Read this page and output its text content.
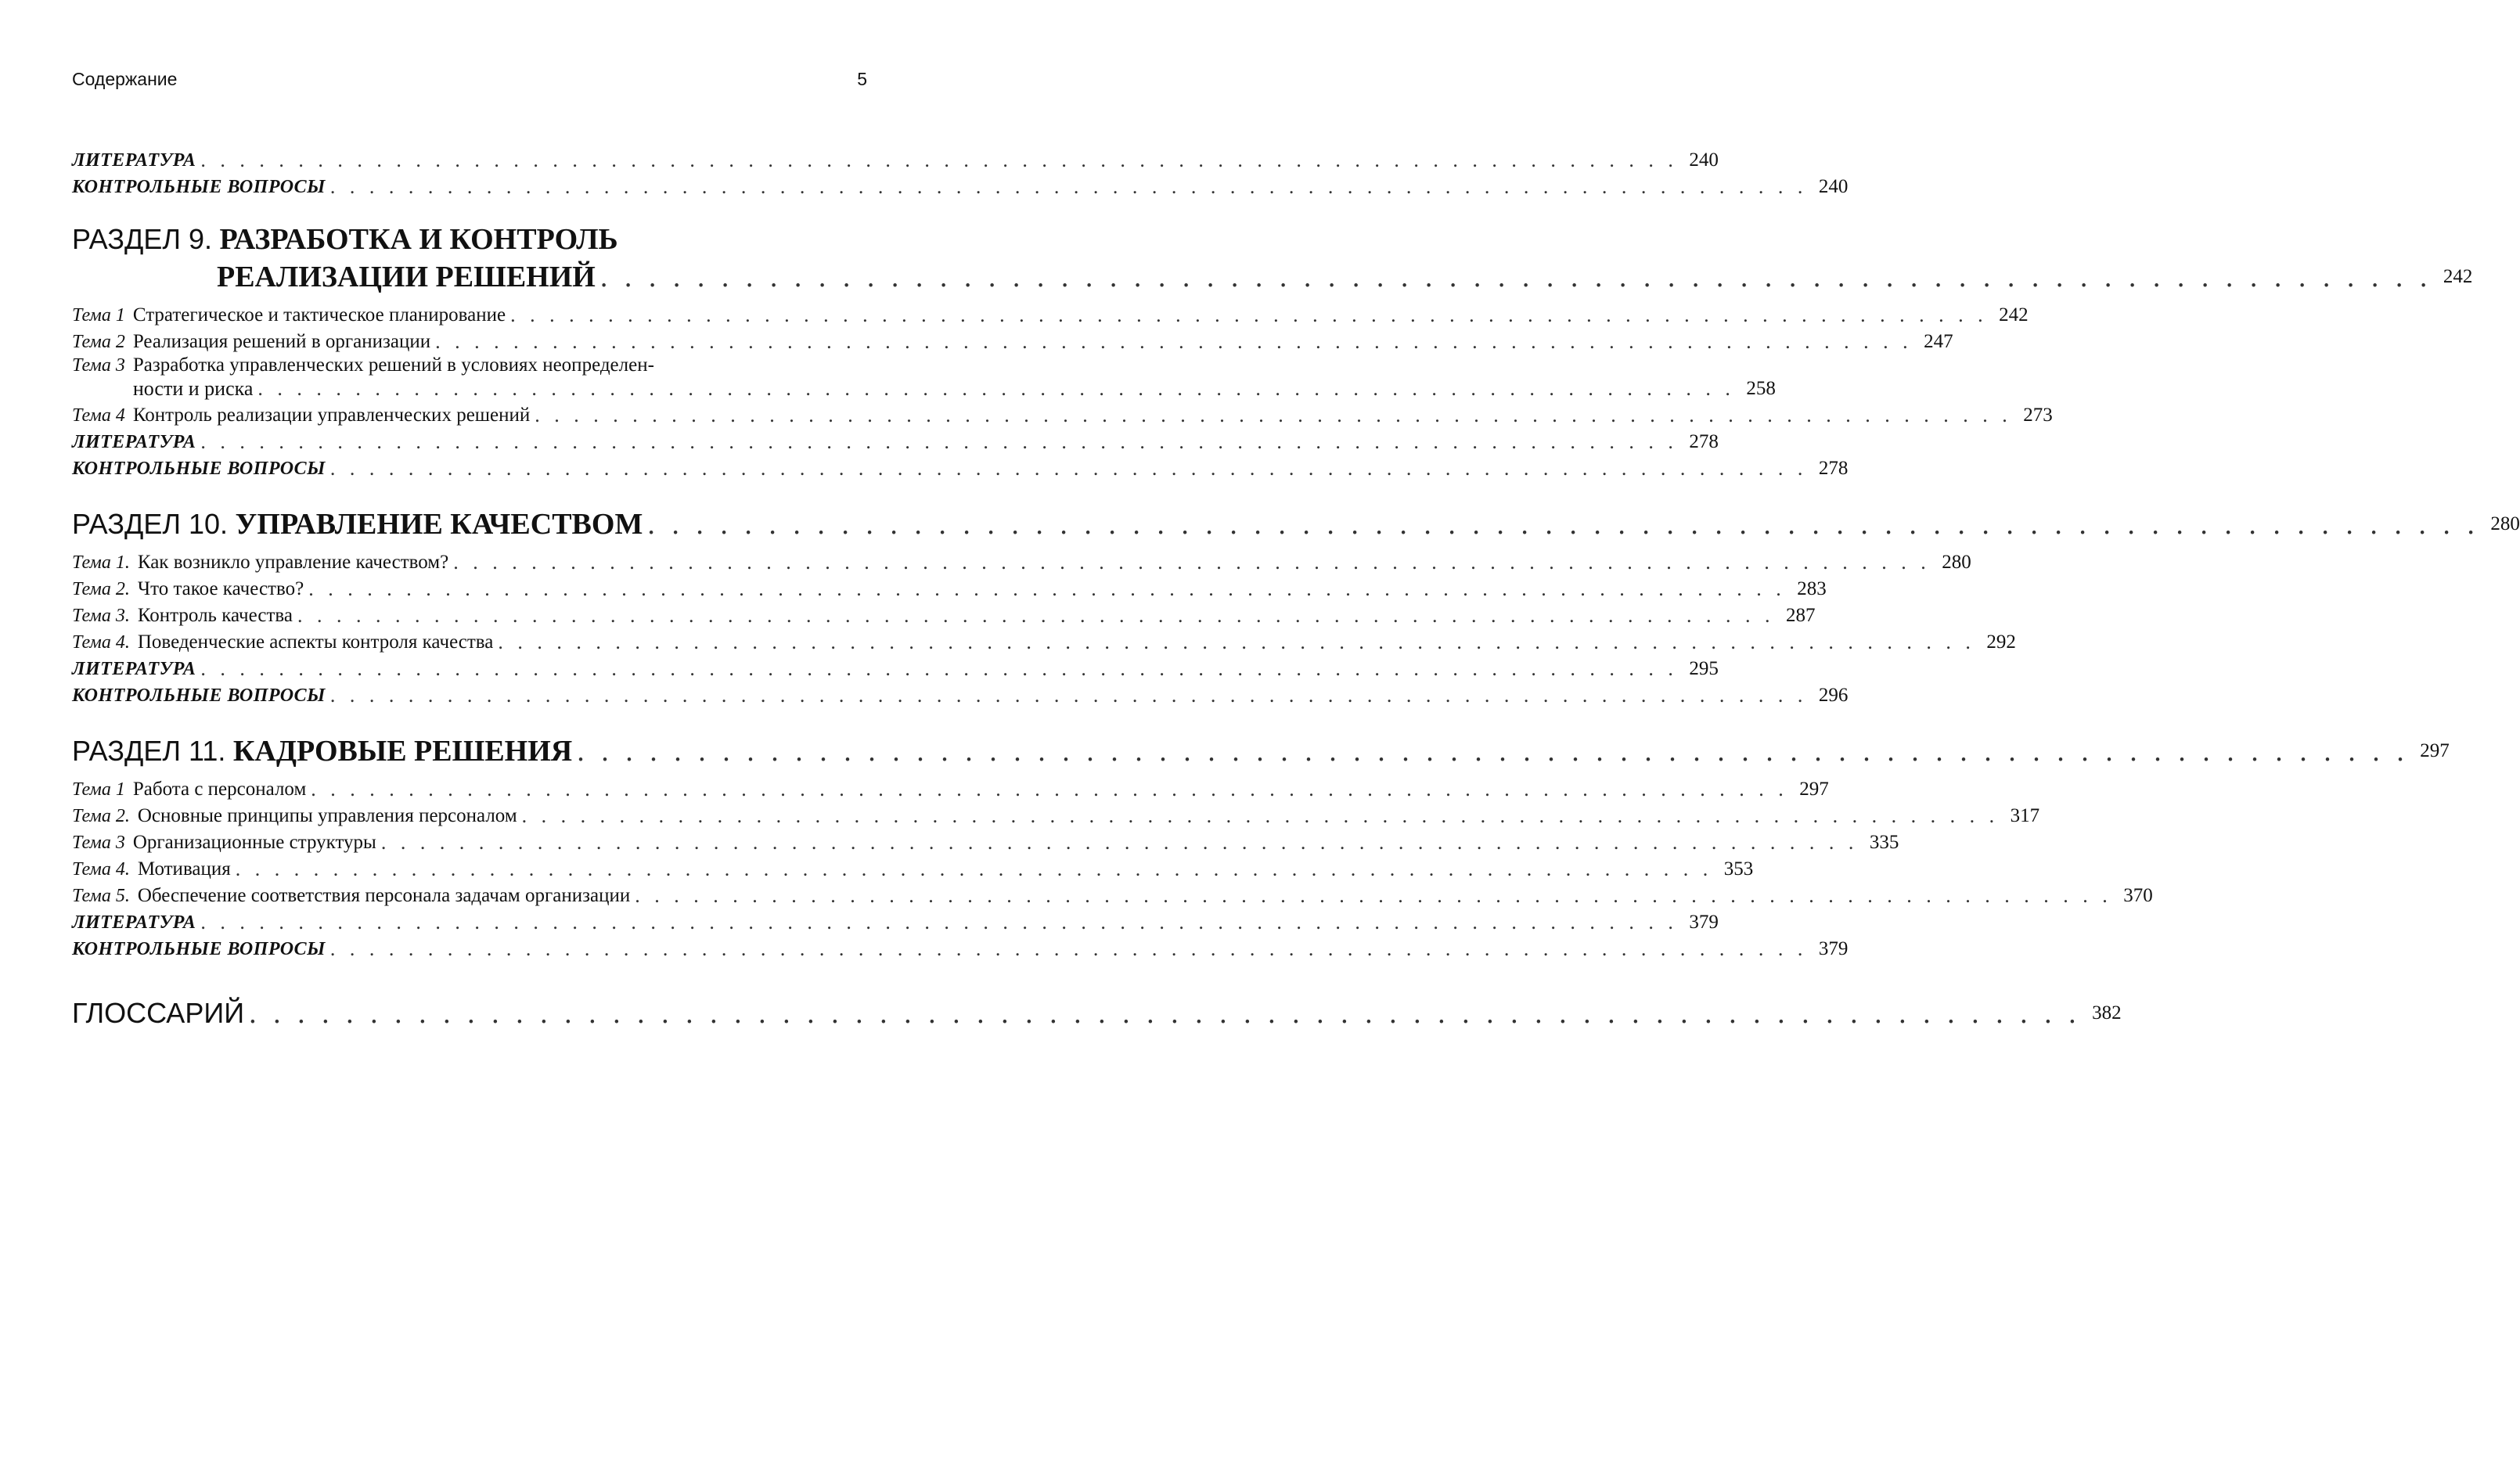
Содержание	5
ЛИТЕРАТУРА . . .	240
КОНТРОЛЬНЫЕ ВОПРОСЫ . . .	240
РАЗДЕЛ 9.
РАЗРАБОТКА И КОНТРОЛЬ
РЕАЛИЗАЦИИ РЕШЕНИЙ . . .	242
Тема 1 Стратегическое и тактическое планирование . . .	242
Тема 2 Реализация решений в организации . . .	247
Тема 3 Разработка управленческих решений в условиях неопределен-
ности и риска . . .	258
Тема 4 Контроль реализации управленческих решений . . .	273
ЛИТЕРАТУРА . . .	278
КОНТРОЛЬНЫЕ ВОПРОСЫ . . .	278
РАЗДЕЛ 10. УПРАВЛЕНИЕ КАЧЕСТВОМ . . .	280
Тема 1. Как возникло управление качеством? . . .	280
Тема 2. Что такое качество? . . .	283
Тема 3. Контроль качества . . .	287
Тема 4. Поведенческие аспекты контроля качества . . .	292
ЛИТЕРАТУРА . . .	295
КОНТРОЛЬНЫЕ ВОПРОСЫ . . .	296
РАЗДЕЛ 11. КАДРОВЫЕ РЕШЕНИЯ . . .	297
Тема 1 Работа с персоналом . . .	297
Тема 2. Основные принципы управления персоналом . . .	317
Тема 3 Организационные структуры . . .	335
Тема 4. Мотивация . . .	353
Тема 5. Обеспечение соответствия персонала задачам организации . . .	370
ЛИТЕРАТУРА . . .	379
КОНТРОЛЬНЫЕ ВОПРОСЫ . . .	379
ГЛОССАРИЙ . . .	382
